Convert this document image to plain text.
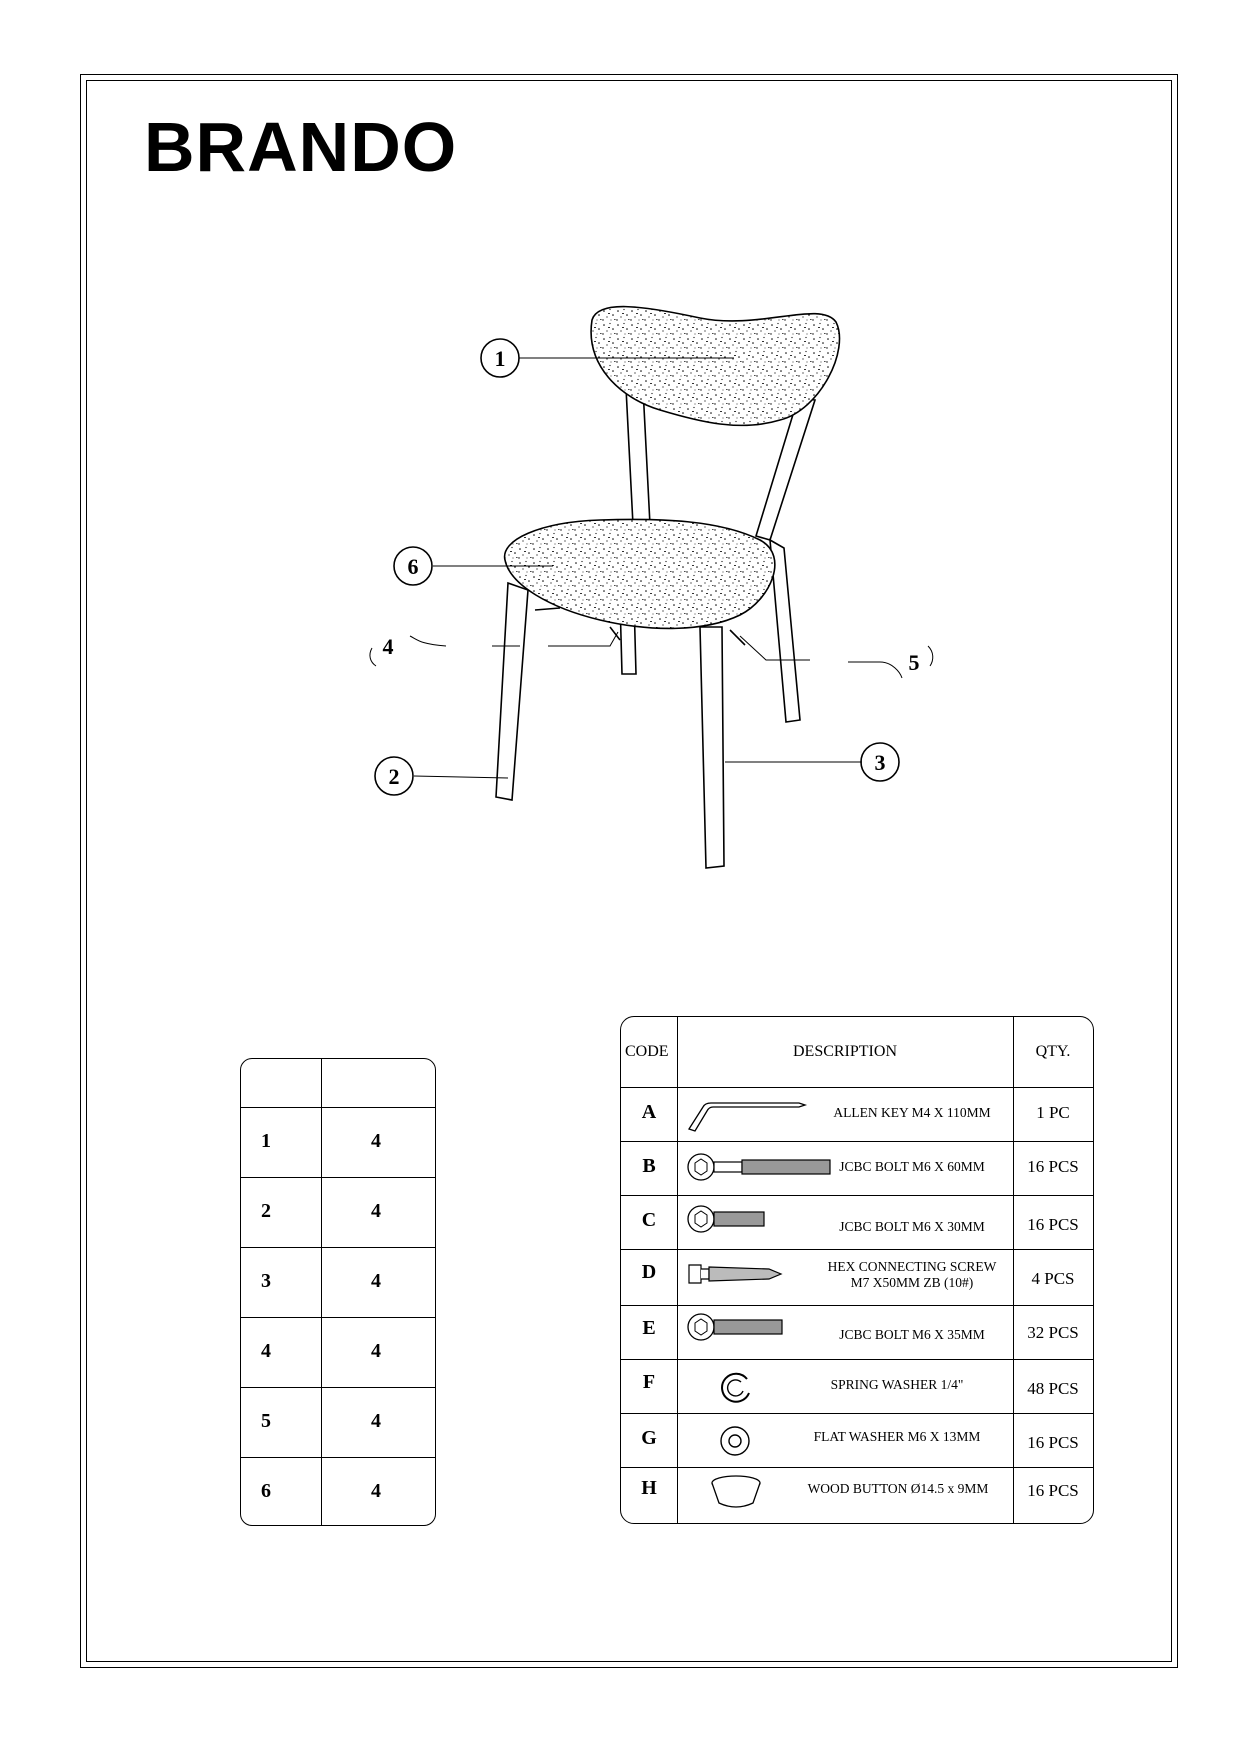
BRANDO
1
2
3
4
5
6
1	4
2	4
3	4
4	4
5	4
6	4
CODE	DESCRIPTION	QTY.
A	ALLEN KEY M4 X 110MM	1 PC
B	JCBC BOLT M6 X 60MM	16 PCS
C	JCBC BOLT M6 X 30MM	16 PCS
D	HEX CONNECTING SCREW
M7 X50MM ZB (10#)	4 PCS
E	JCBC BOLT M6 X 35MM	32 PCS
F	SPRING WASHER 1/4"	48 PCS
G	FLAT WASHER M6 X 13MM	16 PCS
H	WOOD BUTTON Ø14.5 x 9MM	16 PCS
